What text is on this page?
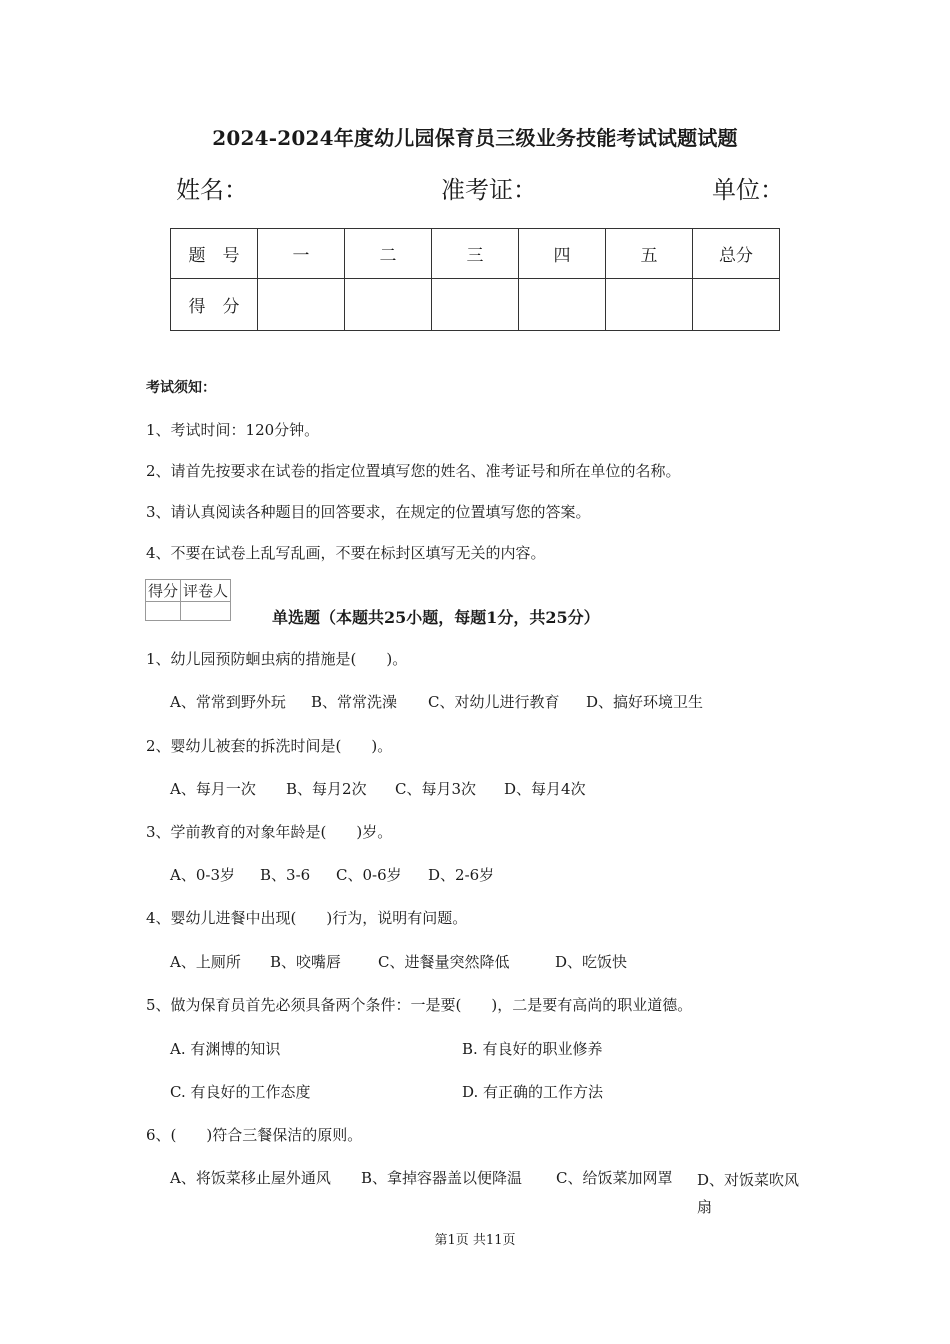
2024-2024年度幼儿园保育员三级业务技能考试试题试题
姓名：	准考证：	单位：
题　号	一	二	三	四	五	总分
得　分						
考试须知：
1、考试时间：120分钟。
2、请首先按要求在试卷的指定位置填写您的姓名、准考证号和所在单位的名称。
3、请认真阅读各种题目的回答要求，在规定的位置填写您的答案。
4、不要在试卷上乱写乱画，不要在标封区填写无关的内容。
得分	评卷人

单选题（本题共25小题，每题1分，共25分）
1、幼儿园预防蛔虫病的措施是(　　)。
A、常常到野外玩 B、常常洗澡 C、对幼儿进行教育 D、搞好环境卫生
2、婴幼儿被套的拆洗时间是(　　)。
A、每月一次 B、每月2次 C、每月3次 D、每月4次
3、学前教育的对象年龄是(　　)岁。
A、0-3岁 B、3-6 C、0-6岁 D、2-6岁
4、婴幼儿进餐中出现(　　)行为，说明有问题。
A、上厕所 B、咬嘴唇 C、进餐量突然降低	D、吃饭快
5、做为保育员首先必须具备两个条件：一是要(　　)，二是要有高尚的职业道德。
A. 有渊博的知识	B. 有良好的职业修养
C. 有良好的工作态度	D. 有正确的工作方法
6、(　　)符合三餐保洁的原则。
A、将饭菜移止屋外通风 B、拿掉容器盖以便降温 C、给饭菜加网罩 D、对饭菜吹风扇
第1页 共11页
